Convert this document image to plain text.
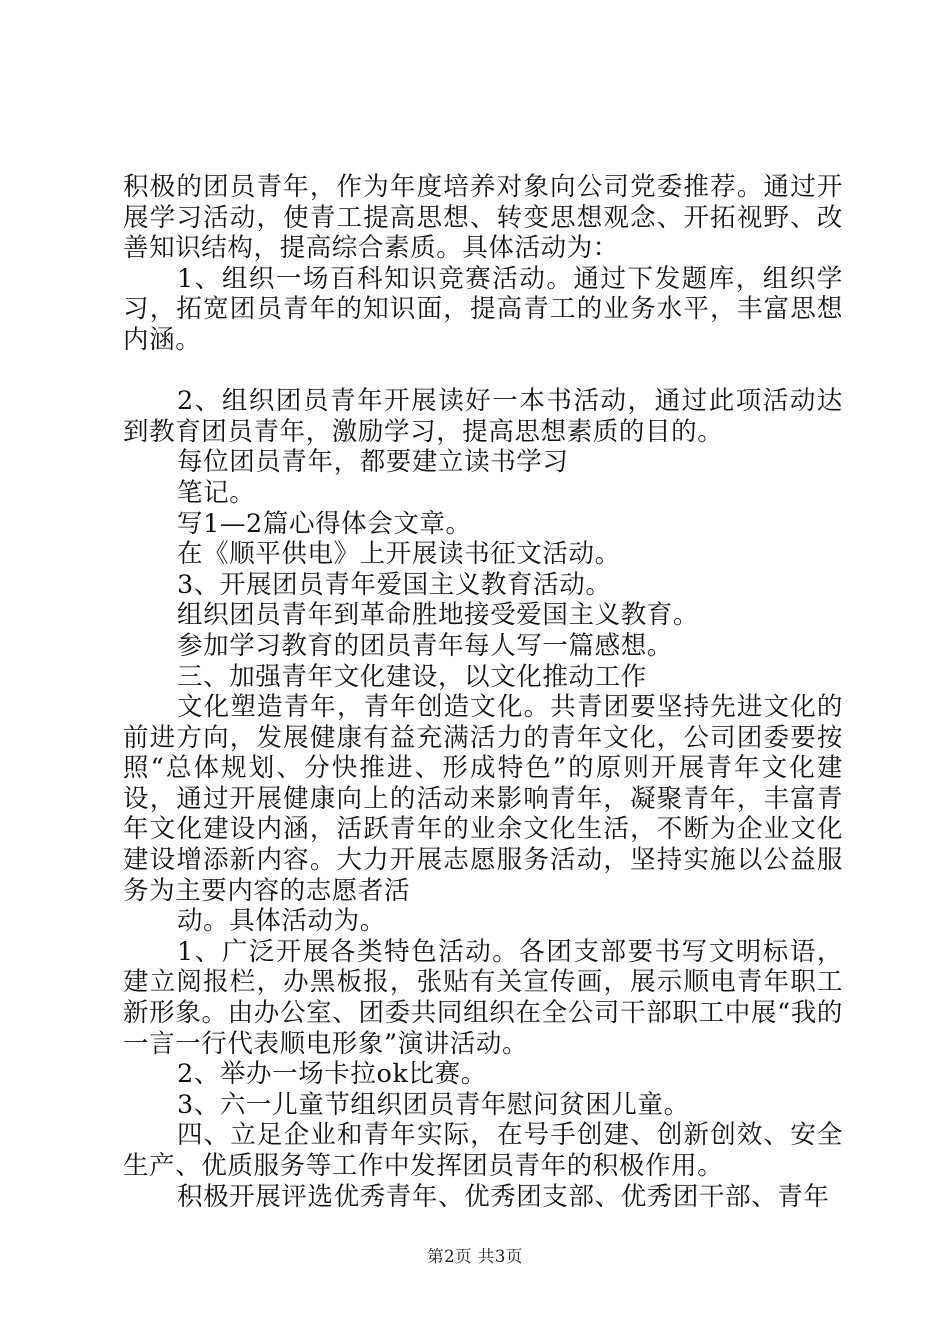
积极的团员青年，作为年度培养对象向公司党委推荐。通过开展学习活动，使青工提高思想、转变思想观念、开拓视野、改善知识结构，提高综合素质。具体活动为：

1、组织一场百科知识竞赛活动。通过下发题库，组织学习，拓宽团员青年的知识面，提高青工的业务水平，丰富思想内涵。

2、组织团员青年开展读好一本书活动，通过此项活动达到教育团员青年，激励学习，提高思想素质的目的。

每位团员青年，都要建立读书学习

笔记。

写1—2篇心得体会文章。

在《顺平供电》上开展读书征文活动。

3、开展团员青年爱国主义教育活动。

组织团员青年到革命胜地接受爱国主义教育。

参加学习教育的团员青年每人写一篇感想。

三、加强青年文化建设，以文化推动工作

文化塑造青年，青年创造文化。共青团要坚持先进文化的前进方向，发展健康有益充满活力的青年文化，公司团委要按照“总体规划、分快推进、形成特色”的原则开展青年文化建设，通过开展健康向上的活动来影响青年，凝聚青年，丰富青年文化建设内涵，活跃青年的业余文化生活，不断为企业文化建设增添新内容。大力开展志愿服务活动，坚持实施以公益服务为主要内容的志愿者活

动。具体活动为。

1、广泛开展各类特色活动。各团支部要书写文明标语，建立阅报栏，办黑板报，张贴有关宣传画，展示顺电青年职工新形象。由办公室、团委共同组织在全公司干部职工中展“我的一言一行代表顺电形象”演讲活动。

2、举办一场卡拉ok比赛。

3、六一儿童节组织团员青年慰问贫困儿童。

四、立足企业和青年实际，在号手创建、创新创效、安全生产、优质服务等工作中发挥团员青年的积极作用。

积极开展评选优秀青年、优秀团支部、优秀团干部、青年

第2页 共3页
